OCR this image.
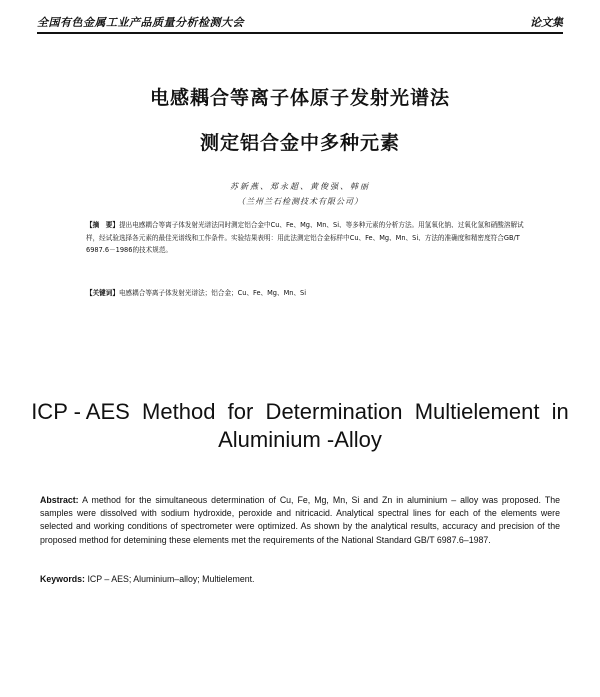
全国有色金属工业产品质量分析检测大会	论文集
电感耦合等离子体原子发射光谱法
测定铝合金中多种元素
苏新燕、郑永超、黄俊强、韩丽
（兰州兰石检测技术有限公司）
【摘　要】提出电感耦合等离子体发射光谱法同时测定铝合金中Cu、Fe、Mg、Mn、Si、等多种元素的分析方法。用氢氧化钠、过氧化氢和硝酸溶解试样，经试验选择各元素的最佳光谱线和工作条件。实验结果表明：用此法测定铝合金标样中Cu、Fe、Mg、Mn、Si、方法的准确度和精密度符合GB/T 6987.6－1986的技术规范。
【关键词】电感耦合等离子体发射光谱法；铝合金；Cu、Fe、Mg、Mn、Si
ICP - AES  Method  for  Determination  Multielement  in
Aluminium -Alloy
Abstract: A method for the simultaneous determination of Cu, Fe, Mg, Mn, Si and Zn in aluminium – alloy was proposed. The samples were dissolved with sodium hydroxide, peroxide and nitricacid. Analytical spectral lines for each of the elements were selected and working conditions of spectrometer were optimized. As shown by the analytical results, accuracy and precision of the proposed method for detemining these elements met the requirements of the National Standard GB/T 6987.6–1987.
Keywords: ICP – AES; Aluminium–alloy; Multielement.
